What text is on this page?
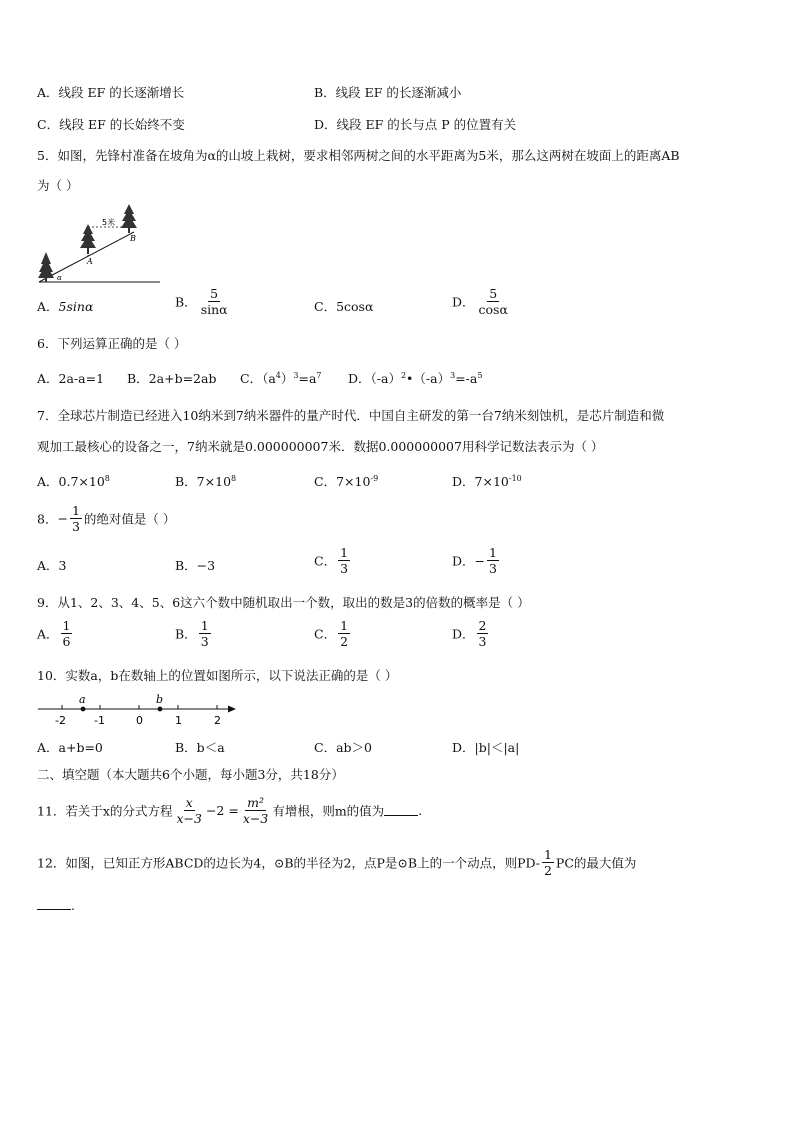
A．线段 EF 的长逐渐增长	B．线段 EF 的长逐渐减小
C．线段 EF 的长始终不变	D．线段 EF 的长与点 P 的位置有关
5．如图，先锋村准备在坡角为α的山坡上栽树，要求相邻两树之间的水平距离为5米，那么这两树在坡面上的距离AB
为（ ）
5米
A
B
α
A．5sinα	B． $\frac{5}{\sin\alpha}$	C．5cosα	D． $\frac{5}{\cos\alpha}$
6．下列运算正确的是（ ）
A．2a-a=1 B．2a+b=2ab C．$(a^4)^3=a^7$ D．$(-a)^2•(-a)^3=-a^5$
7．全球芯片制造已经进入10纳米到7纳米器件的量产时代．中国自主研发的第一台7纳米刻蚀机，是芯片制造和微
观加工最核心的设备之一，7纳米就是0.000000007米．数据0.000000007用科学记数法表示为（ ）
A．$0.7\times 10^8$	B．$7\times 10^8$	C．$7\times 10^{-9}$	D．$7\times 10^{-10}$
8．− $\frac{1}{3}$ 的绝对值是（ ）
A．3	B．−3	C． $\frac{1}{3}$	D．− $\frac{1}{3}$
9．从1、2、3、4、5、6这六个数中随机取出一个数，取出的数是3的倍数的概率是（ ）
A． $\frac{1}{6}$	B． $\frac{1}{3}$	C． $\frac{1}{2}$	D． $\frac{2}{3}$
10．实数a，b在数轴上的位置如图所示，以下说法正确的是（ ）
a	b
-2	-1	0	1	2
A．a+b=0	B．b＜a	C．ab＞0	D．|b|＜|a|
二、填空题（本大题共6个小题，每小题3分，共18分）
11．若关于x的分式方程 $\frac{x}{x-3} -2 = \frac{\text{m²}}{x-3}$ 有增根，则m的值为	.
12．如图，已知正方形ABCD的边长为4，⊙B的半径为2，点P是⊙B上的一个动点，则$PD- \frac{1}{2}$ PC的最大值为
.
